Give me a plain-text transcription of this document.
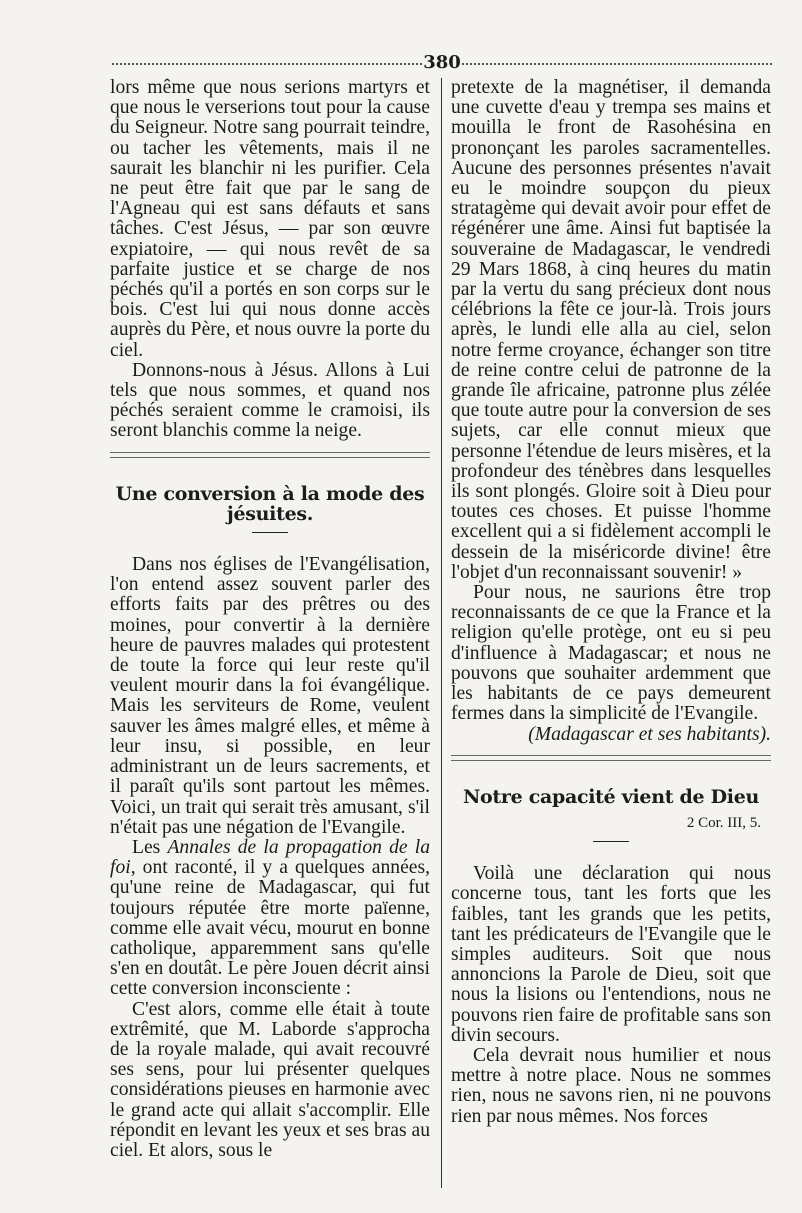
380

lors même que nous serions martyrs et que nous le verserions tout pour la cause du Seigneur. Notre sang pourrait teindre, ou tacher les vêtements, mais il ne saurait les blanchir ni les purifier. Cela ne peut être fait que par le sang de l'Agneau qui est sans défauts et sans tâches. C'est Jésus, — par son œuvre expiatoire, — qui nous revêt de sa parfaite justice et se charge de nos péchés qu'il a portés en son corps sur le bois. C'est lui qui nous donne accès auprès du Père, et nous ouvre la porte du ciel.

Donnons-nous à Jésus. Allons à Lui tels que nous sommes, et quand nos péchés seraient comme le cramoisi, ils seront blanchis comme la neige.

Une conversion à la mode des jésuites.

Dans nos églises de l'Evangélisation, l'on entend assez souvent parler des efforts faits par des prêtres ou des moines, pour convertir à la dernière heure de pauvres malades qui protestent de toute la force qui leur reste qu'il veulent mourir dans la foi évangélique. Mais les serviteurs de Rome, veulent sauver les âmes malgré elles, et même à leur insu, si possible, en leur administrant un de leurs sacrements, et il paraît qu'ils sont partout les mêmes. Voici, un trait qui serait très amusant, s'il n'était pas une négation de l'Evangile.

Les Annales de la propagation de la foi, ont raconté, il y a quelques années, qu'une reine de Madagascar, qui fut toujours réputée être morte païenne, comme elle avait vécu, mourut en bonne catholique, apparemment sans qu'elle s'en en doutât. Le père Jouen décrit ainsi cette conversion inconsciente :

C'est alors, comme elle était à toute extrêmité, que M. Laborde s'approcha de la royale malade, qui avait recouvré ses sens, pour lui présenter quelques considérations pieuses en harmonie avec le grand acte qui allait s'accomplir. Elle répondit en levant les yeux et ses bras au ciel. Et alors, sous le

pretexte de la magnétiser, il demanda une cuvette d'eau y trempa ses mains et mouilla le front de Rasohésina en prononçant les paroles sacramentelles. Aucune des personnes présentes n'avait eu le moindre soupçon du pieux stratagème qui devait avoir pour effet de régénérer une âme. Ainsi fut baptisée la souveraine de Madagascar, le vendredi 29 Mars 1868, à cinq heures du matin par la vertu du sang précieux dont nous célébrions la fête ce jour-là. Trois jours après, le lundi elle alla au ciel, selon notre ferme croyance, échanger son titre de reine contre celui de patronne de la grande île africaine, patronne plus zélée que toute autre pour la conversion de ses sujets, car elle connut mieux que personne l'étendue de leurs misères, et la profondeur des ténèbres dans lesquelles ils sont plongés. Gloire soit à Dieu pour toutes ces choses. Et puisse l'homme excellent qui a si fidèlement accompli le dessein de la miséricorde divine! être l'objet d'un reconnaissant souvenir! »

Pour nous, ne saurions être trop reconnaissants de ce que la France et la religion qu'elle protège, ont eu si peu d'influence à Madagascar; et nous ne pouvons que souhaiter ardemment que les habitants de ce pays demeurent fermes dans la simplicité de l'Evangile.

(Madagascar et ses habitants).

Notre capacité vient de Dieu
2 Cor. III, 5.

Voilà une déclaration qui nous concerne tous, tant les forts que les faibles, tant les grands que les petits, tant les prédicateurs de l'Evangile que le simples auditeurs. Soit que nous annoncions la Parole de Dieu, soit que nous la lisions ou l'entendions, nous ne pouvons rien faire de profitable sans son divin secours.

Cela devrait nous humilier et nous mettre à notre place. Nous ne sommes rien, nous ne savons rien, ni ne pouvons rien par nous mêmes. Nos forces
